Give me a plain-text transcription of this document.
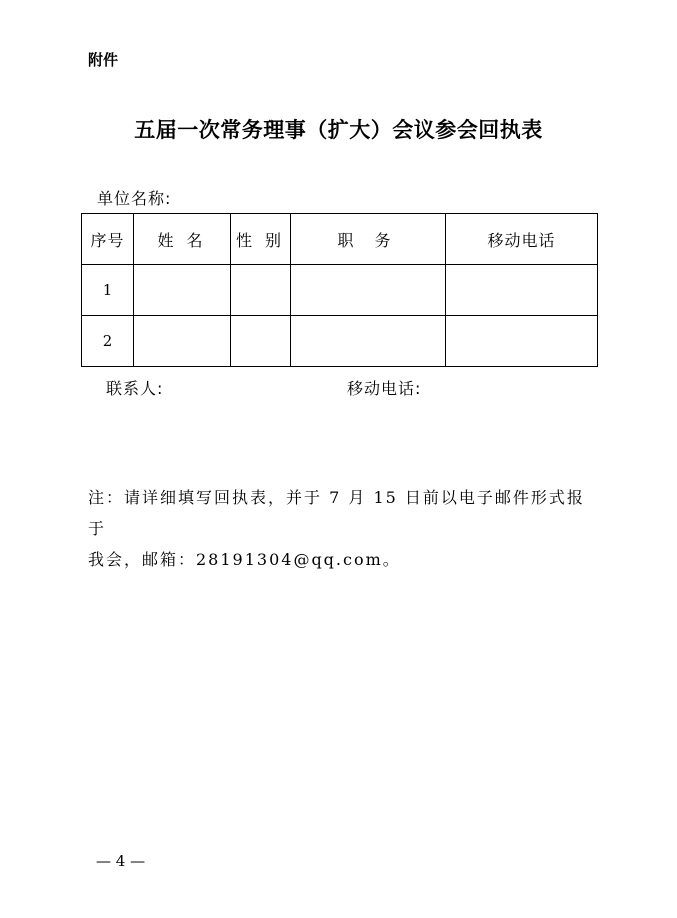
附件
五届一次常务理事（扩大）会议参会回执表
单位名称:
序号	姓 名	性 别	职 务	移动电话
1				
2				
联系人:	移动电话:
注：请详细填写回执表，并于 7 月 15 日前以电子邮件形式报于
我会，邮箱：28191304@qq.com。
— 4 —
